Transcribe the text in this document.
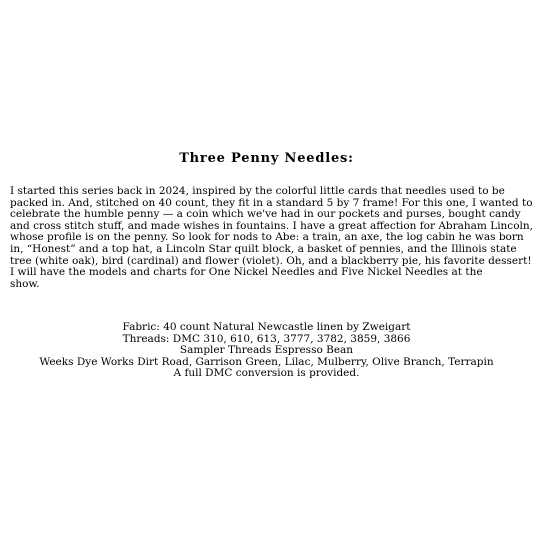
Three Penny Needles:
I started this series back in 2024, inspired by the colorful little cards that needles used to be
packed in. And, stitched on 40 count, they fit in a standard 5 by 7 frame! For this one, I wanted to
celebrate the humble penny — a coin which we've had in our pockets and purses, bought candy
and cross stitch stuff, and made wishes in fountains. I have a great affection for Abraham Lincoln,
whose profile is on the penny. So look for nods to Abe: a train, an axe, the log cabin he was born
in, “Honest” and a top hat, a Lincoln Star quilt block, a basket of pennies, and the Illinois state
tree (white oak), bird (cardinal) and flower (violet). Oh, and a blackberry pie, his favorite dessert!
I will have the models and charts for One Nickel Needles and Five Nickel Needles at the
show.
Fabric: 40 count Natural Newcastle linen by Zweigart
Threads: DMC 310, 610, 613, 3777, 3782, 3859, 3866
Sampler Threads Espresso Bean
Weeks Dye Works Dirt Road, Garrison Green, Lilac, Mulberry, Olive Branch, Terrapin
A full DMC conversion is provided.
